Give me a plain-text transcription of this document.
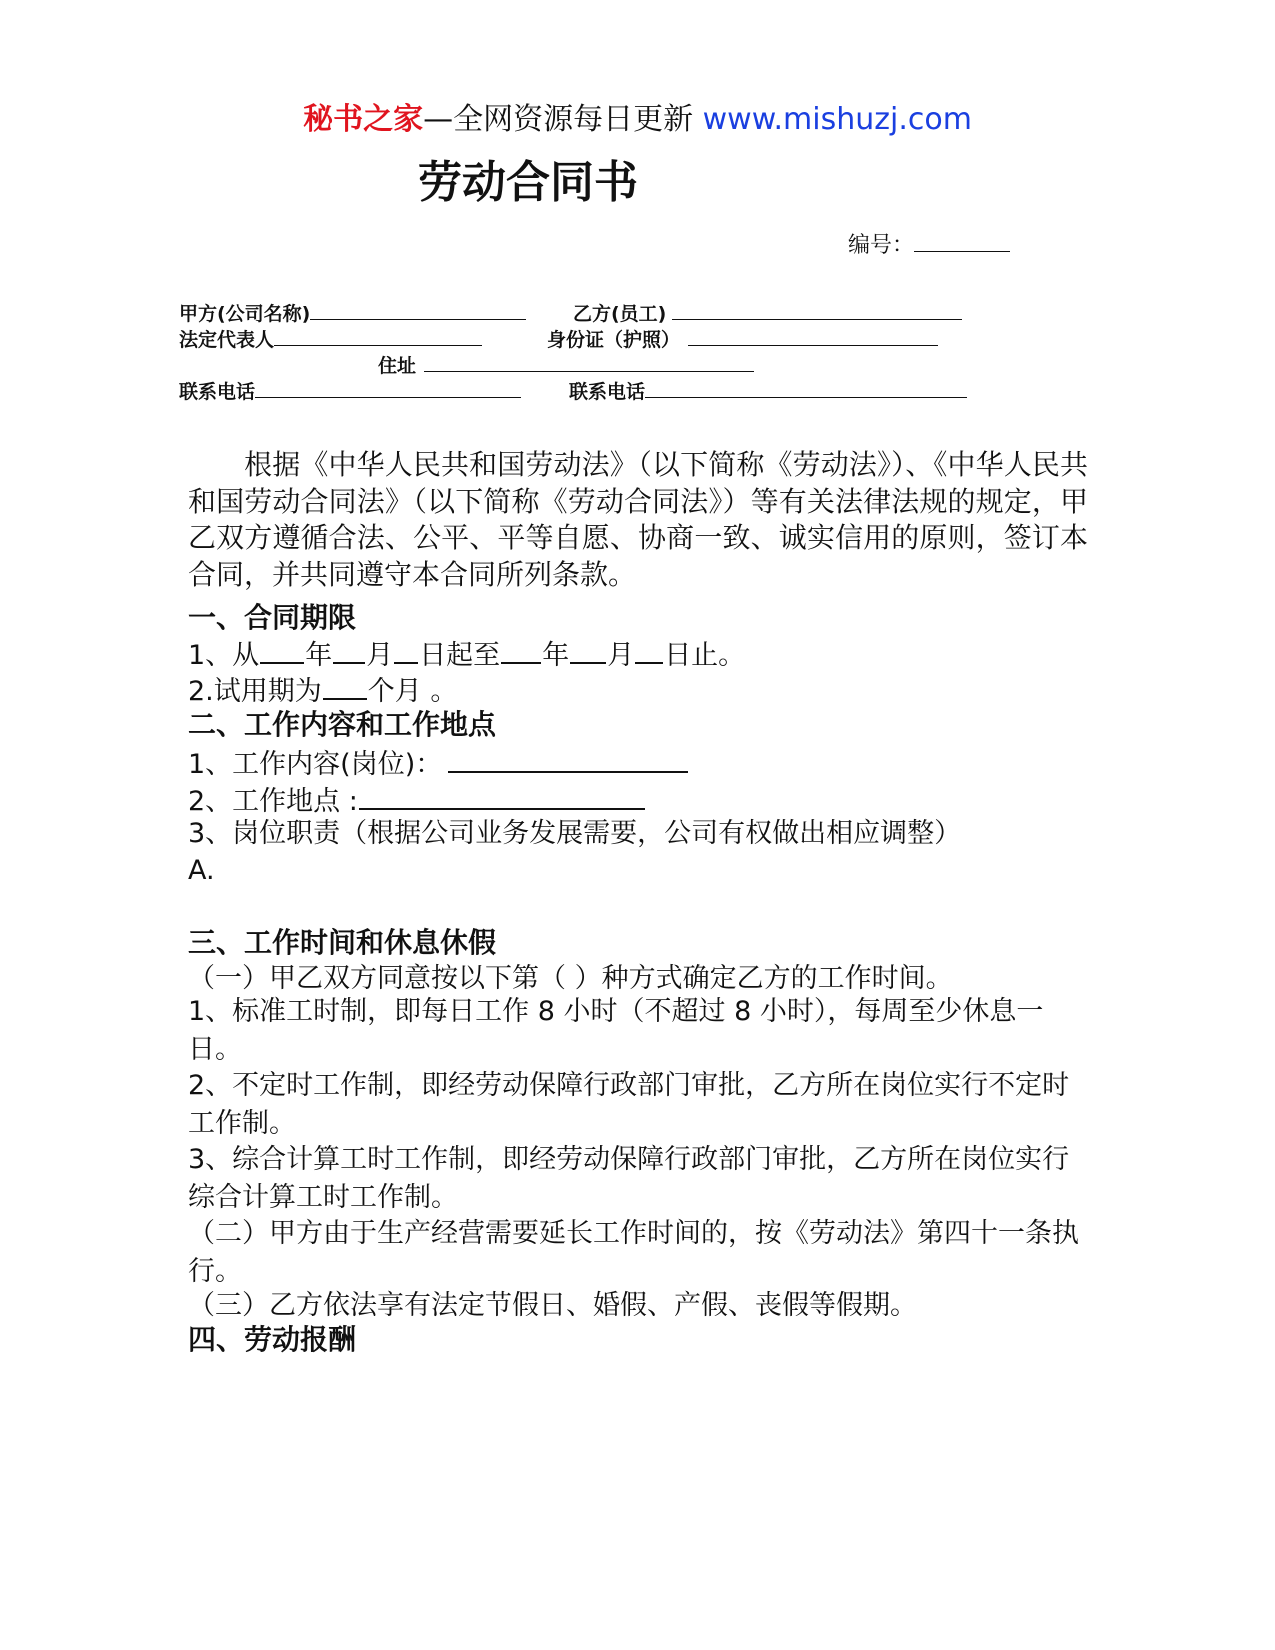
秘书之家—全网资源每日更新 www.mishuzj.com
劳动合同书
编号：
甲方(公司名称)	乙方(员工)
法定代表人	身份证（护照）
住址
联系电话	联系电话
根据《中华人民共和国劳动法》（以下简称《劳动法》）、《中华人民共和国劳动合同法》（以下简称《劳动合同法》）等有关法律法规的规定，甲乙双方遵循合法、公平、平等自愿、协商一致、诚实信用的原则，签订本合同，并共同遵守本合同所列条款。
一、合同期限
1、从 年 月 日起至 年 月 日止。
2.试用期为 个月 。
二、工作内容和工作地点
1、工作内容(岗位)：
2、工作地点 :
3、岗位职责（根据公司业务发展需要，公司有权做出相应调整）
A.
三、工作时间和休息休假
（一）甲乙双方同意按以下第（ ）种方式确定乙方的工作时间。
1、标准工时制，即每日工作 8 小时（不超过 8 小时），每周至少休息一日。
2、不定时工作制，即经劳动保障行政部门审批，乙方所在岗位实行不定时工作制。
3、综合计算工时工作制，即经劳动保障行政部门审批，乙方所在岗位实行综合计算工时工作制。
（二）甲方由于生产经营需要延长工作时间的，按《劳动法》第四十一条执行。
（三）乙方依法享有法定节假日、婚假、产假、丧假等假期。
四、劳动报酬
